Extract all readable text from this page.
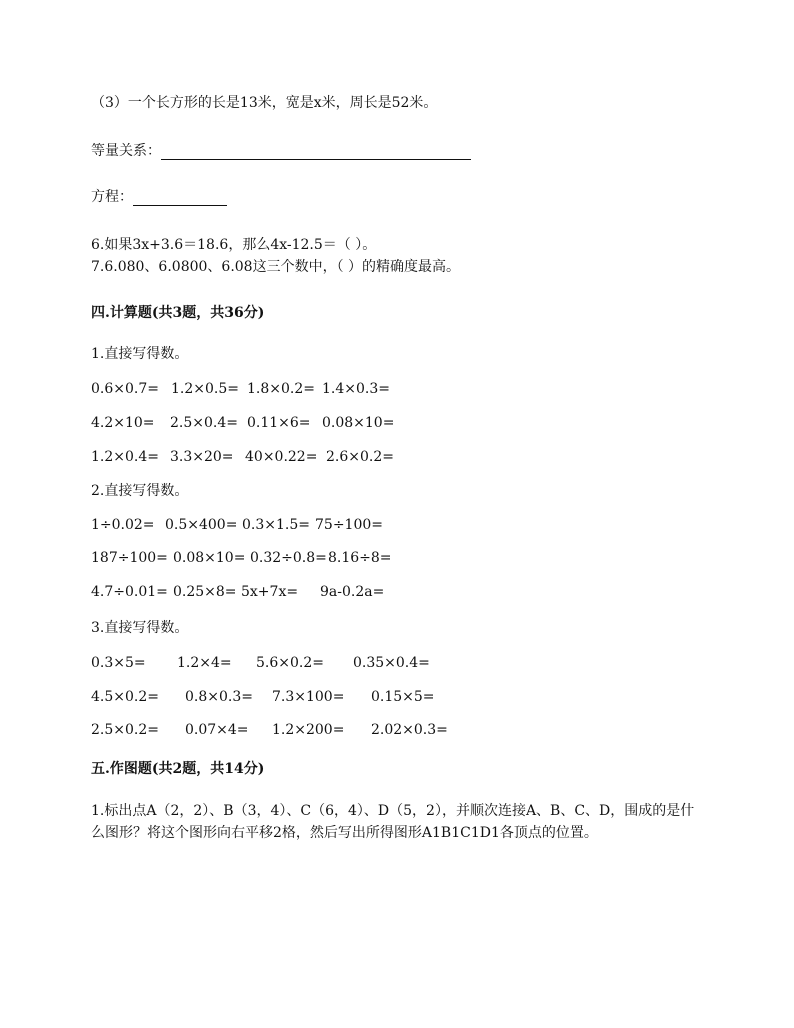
（3）一个长方形的长是13米，宽是x米，周长是52米。
等量关系：
方程：
6.如果3x+3.6＝18.6，那么4x-12.5＝（ ）。
7.6.080、6.0800、6.08这三个数中，（ ）的精确度最高。
四.计算题(共3题，共36分)
1.直接写得数。
0.6×0.7= 1.2×0.5= 1.8×0.2= 1.4×0.3=
4.2×10= 2.5×0.4= 0.11×6= 0.08×10=
1.2×0.4= 3.3×20= 40×0.22= 2.6×0.2=
2.直接写得数。
1÷0.02= 0.5×400= 0.3×1.5= 75÷100=
187÷100= 0.08×10= 0.32÷0.8=8.16÷8=
4.7÷0.01= 0.25×8= 5x+7x= 9a-0.2a=
3.直接写得数。
0.3×5= 1.2×4= 5.6×0.2= 0.35×0.4=
4.5×0.2= 0.8×0.3= 7.3×100= 0.15×5=
2.5×0.2= 0.07×4= 1.2×200= 2.02×0.3=
五.作图题(共2题，共14分)
1.标出点A（2，2）、B（3，4）、C（6，4）、D（5，2），并顺次连接A、B、C、D，围成的是什么图形？将这个图形向右平移2格，然后写出所得图形A1B1C1D1各顶点的位置。
